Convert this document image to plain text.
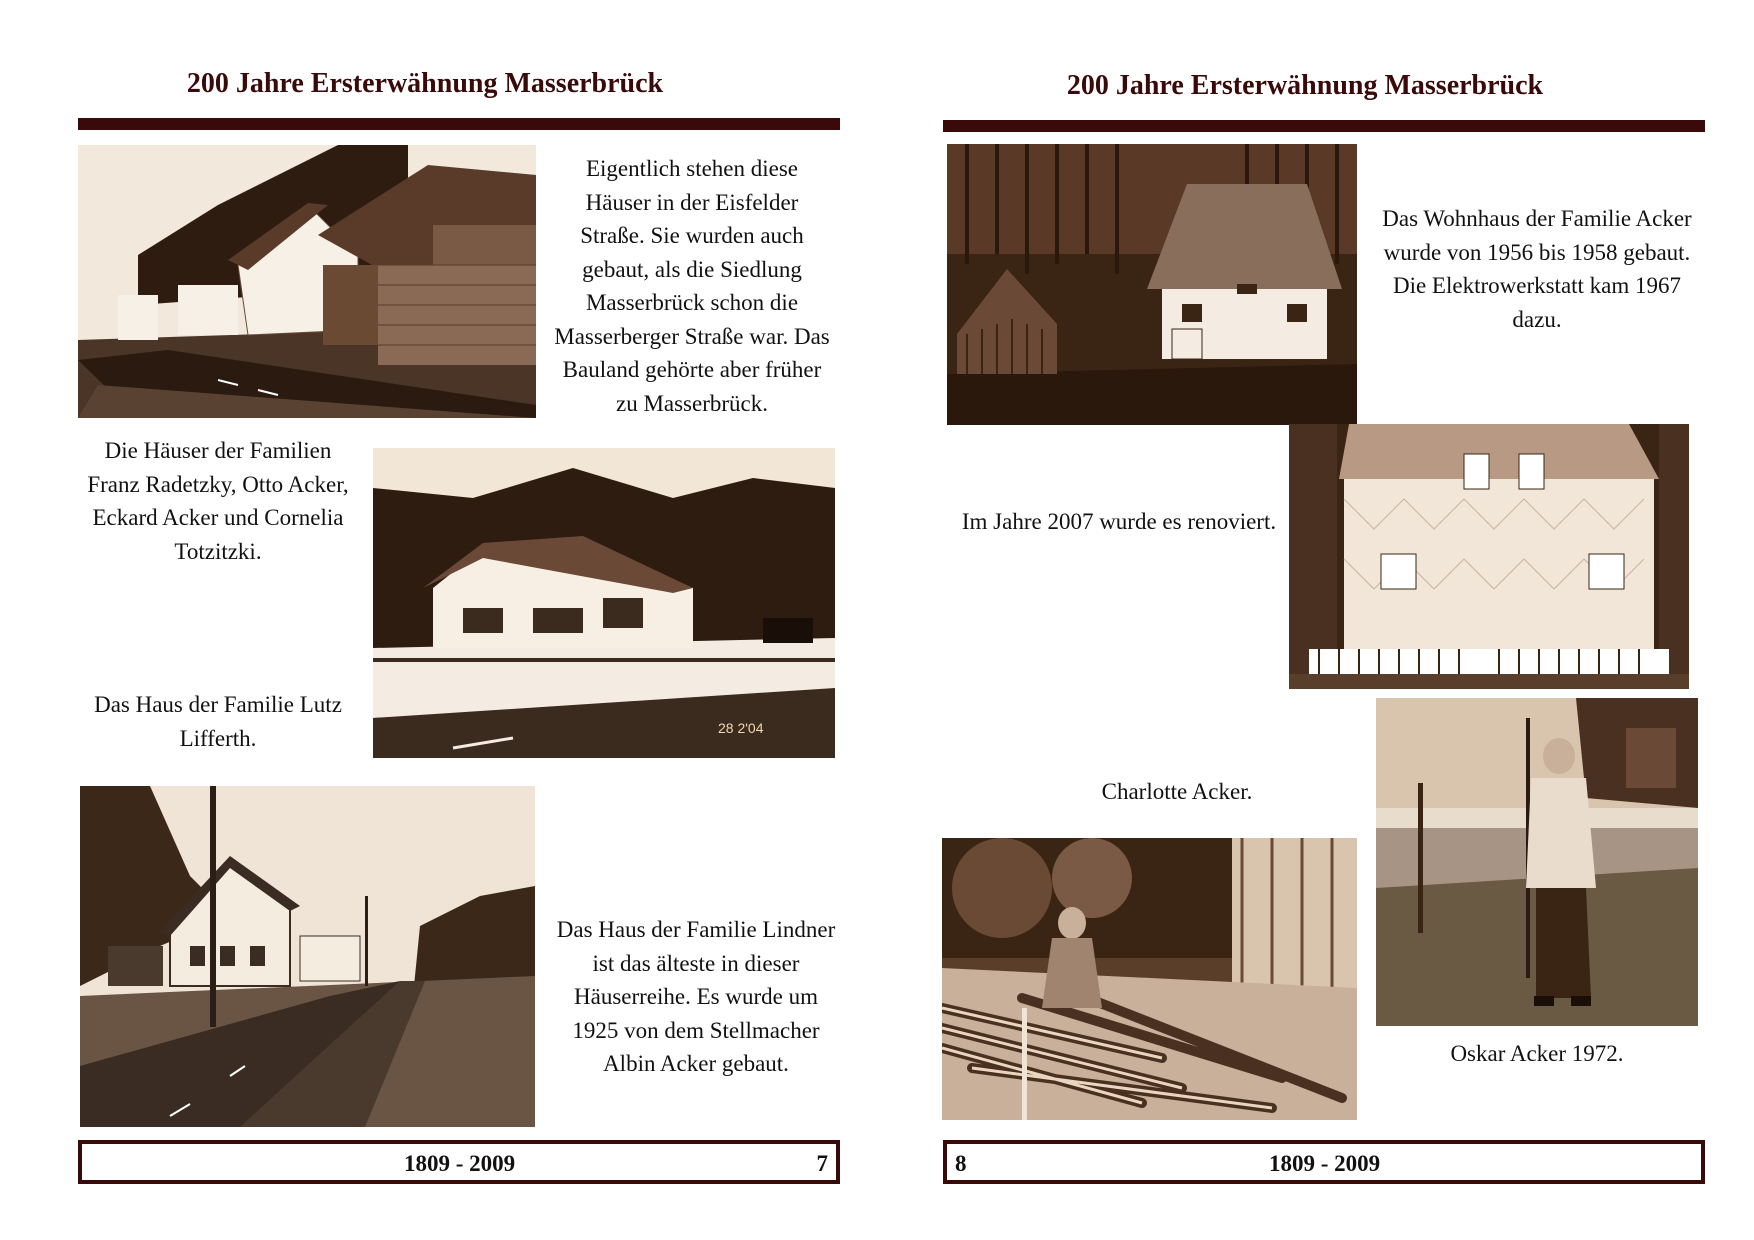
200 Jahre Ersterwähnung Masserbrück
Eigentlich stehen diese Häuser in der Eisfelder Straße. Sie wurden auch gebaut, als die Siedlung Masserbrück schon die Masserberger Straße war. Das Bauland gehörte aber früher zu Masserbrück.
Die Häuser der Familien Franz Radetzky, Otto Acker, Eckard Acker und Cornelia Totzitzki.
28 2'04
Das Haus der Familie Lutz Lifferth.
Das Haus der Familie Lindner ist das älteste in dieser Häuserreihe. Es wurde um 1925 von dem Stellmacher Albin Acker gebaut.
1809 - 2009	7
200 Jahre Ersterwähnung Masserbrück
Das Wohnhaus der Familie Acker wurde von 1956 bis 1958 gebaut. Die Elektrowerkstatt kam 1967 dazu.
Im Jahre 2007 wurde es renoviert.
Charlotte Acker.
Oskar Acker 1972.
8	1809 - 2009
